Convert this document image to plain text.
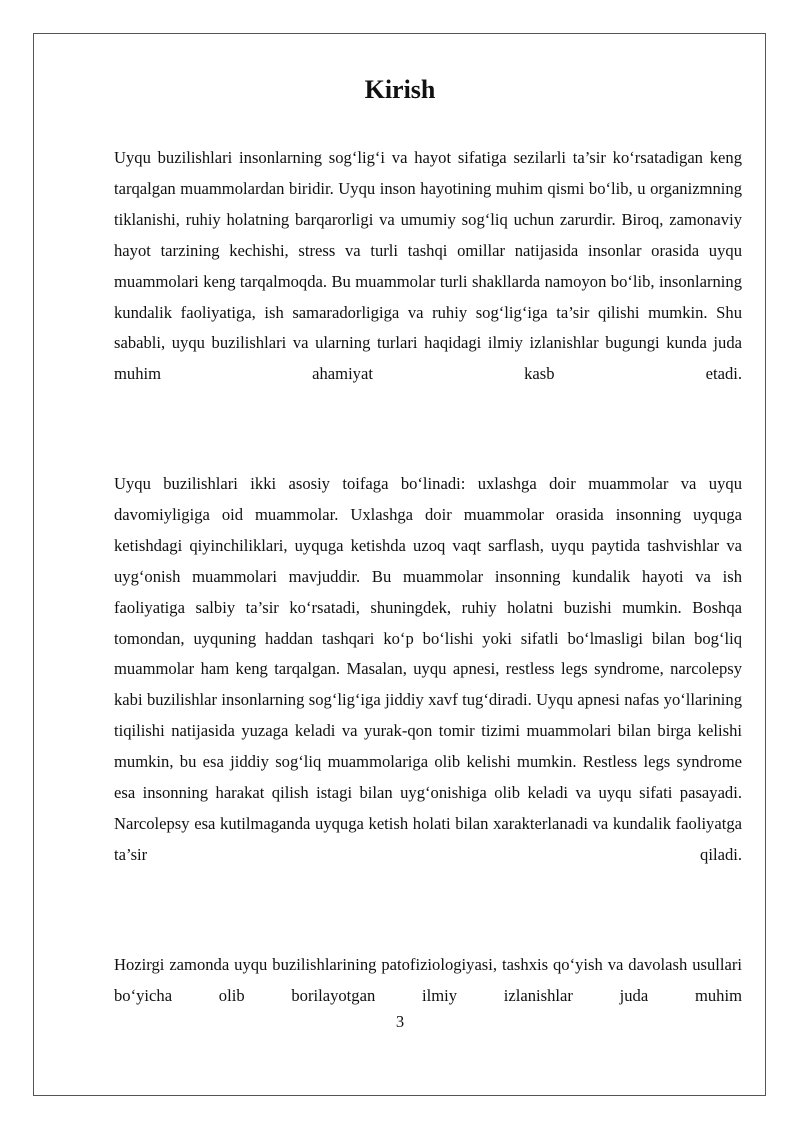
Kirish

Uyqu buzilishlari insonlarning sog‘lig‘i va hayot sifatiga sezilarli ta’sir ko‘rsatadigan keng tarqalgan muammolardan biridir. Uyqu inson hayotining muhim qismi bo‘lib, u organizmning tiklanishi, ruhiy holatning barqarorligi va umumiy sog‘liq uchun zarurdir. Biroq, zamonaviy hayot tarzining kechishi, stress va turli tashqi omillar natijasida insonlar orasida uyqu muammolari keng tarqalmoqda. Bu muammolar turli shakllarda namoyon bo‘lib, insonlarning kundalik faoliyatiga, ish samaradorligiga va ruhiy sog‘lig‘iga ta’sir qilishi mumkin. Shu sababli, uyqu buzilishlari va ularning turlari haqidagi ilmiy izlanishlar bugungi kunda juda muhim ahamiyat kasb etadi.

Uyqu buzilishlari ikki asosiy toifaga bo‘linadi: uxlashga doir muammolar va uyqu davomiyligiga oid muammolar. Uxlashga doir muammolar orasida insonning uyquga ketishdagi qiyinchiliklari, uyquga ketishda uzoq vaqt sarflash, uyqu paytida tashvishlar va uyg‘onish muammolari mavjuddir. Bu muammolar insonning kundalik hayoti va ish faoliyatiga salbiy ta’sir ko‘rsatadi, shuningdek, ruhiy holatni buzishi mumkin. Boshqa tomondan, uyquning haddan tashqari ko‘p bo‘lishi yoki sifatli bo‘lmasligi bilan bog‘liq muammolar ham keng tarqalgan. Masalan, uyqu apnesi, restless legs syndrome, narcolepsy kabi buzilishlar insonlarning sog‘lig‘iga jiddiy xavf tug‘diradi. Uyqu apnesi nafas yo‘llarining tiqilishi natijasida yuzaga keladi va yurak-qon tomir tizimi muammolari bilan birga kelishi mumkin, bu esa jiddiy sog‘liq muammolariga olib kelishi mumkin. Restless legs syndrome esa insonning harakat qilish istagi bilan uyg‘onishiga olib keladi va uyqu sifati pasayadi. Narcolepsy esa kutilmaganda uyquga ketish holati bilan xarakterlanadi va kundalik faoliyatga ta’sir qiladi.

Hozirgi zamonda uyqu buzilishlarining patofiziologiyasi, tashxis qo‘yish va davolash usullari bo‘yicha olib borilayotgan ilmiy izlanishlar juda muhim

3
